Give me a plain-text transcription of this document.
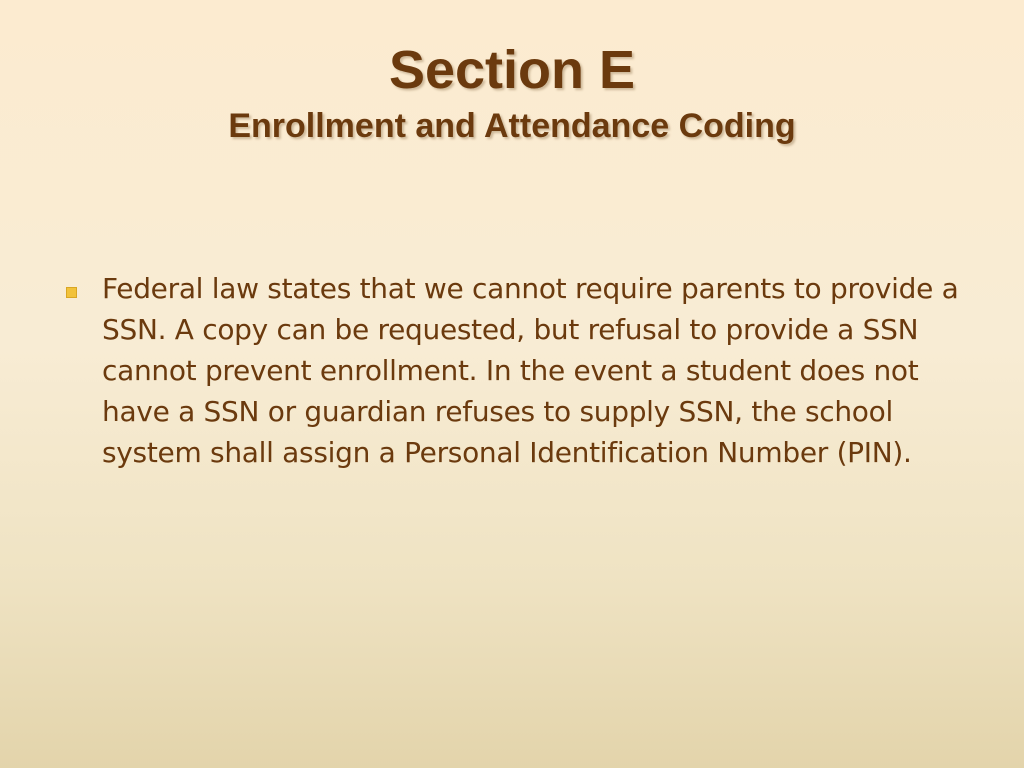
Section E
Enrollment and Attendance Coding
Federal law states that we cannot require parents to provide a SSN. A copy can be requested, but refusal to provide a SSN cannot prevent enrollment. In the event a student does not have a SSN or guardian refuses to supply SSN, the school system shall assign a Personal Identification Number (PIN).
